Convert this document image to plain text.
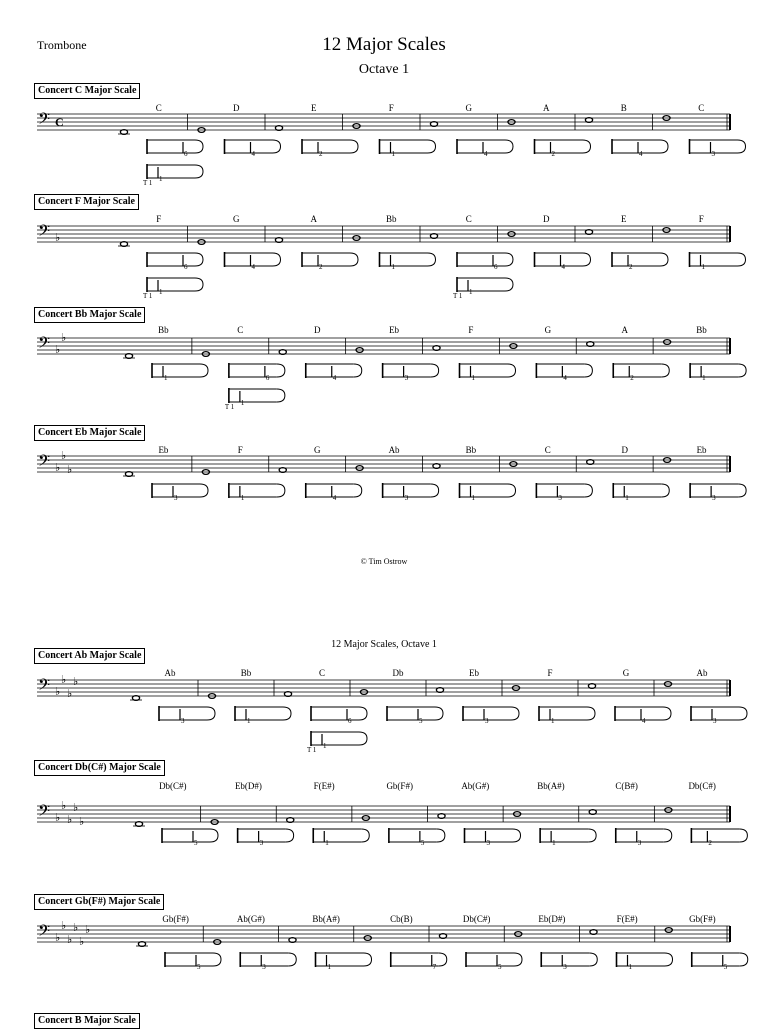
Trombone	12 Major Scales
Octave 1
© Tim Ostrow
12 Major Scales, Octave 1
Concert C Major Scale
C	D	E	F	G	A	B	C
𝄢 C
6	4	2	1	4	2	4	3
1
T 1
Concert F Major Scale
F	G	A	Bb	C	D	E	F
𝄢 ♭
6	4	2	1	6	4	2	1
1
T 1	1
T 1
Concert Bb Major Scale
Bb	C	D	Eb	F	G	A	Bb
𝄢 ♭
♭
1	6	4	3	1	4	2	1
1
T 1
Concert Eb Major Scale
Eb	F	G	Ab	Bb	C	D	Eb
𝄢 ♭
♭
♭
3	1	4	3	1	3	1	3
Concert Ab Major Scale
Ab	Bb	C	Db	Eb	F	G	Ab
𝄢 ♭
♭
♭
♭
3	1	6	5	3	1	4	3
1
T 1
Concert Db(C#) Major Scale
Db(C#)	Eb(D#)	F(E#)	Gb(F#)	Ab(G#)	Bb(A#)	C(B#)	Db(C#)
𝄢 ♭
♭
♭
♭
♭
5	3	1	5	3	1	3	2
Concert Gb(F#) Major Scale
Gb(F#)	Ab(G#)	Bb(A#)	Cb(B)	Db(C#)	Eb(D#)	F(E#)	Gb(F#)
𝄢 ♭
♭
♭
♭
♭
♭
5	3	1	7	5	3	1	5
Concert B Major Scale
